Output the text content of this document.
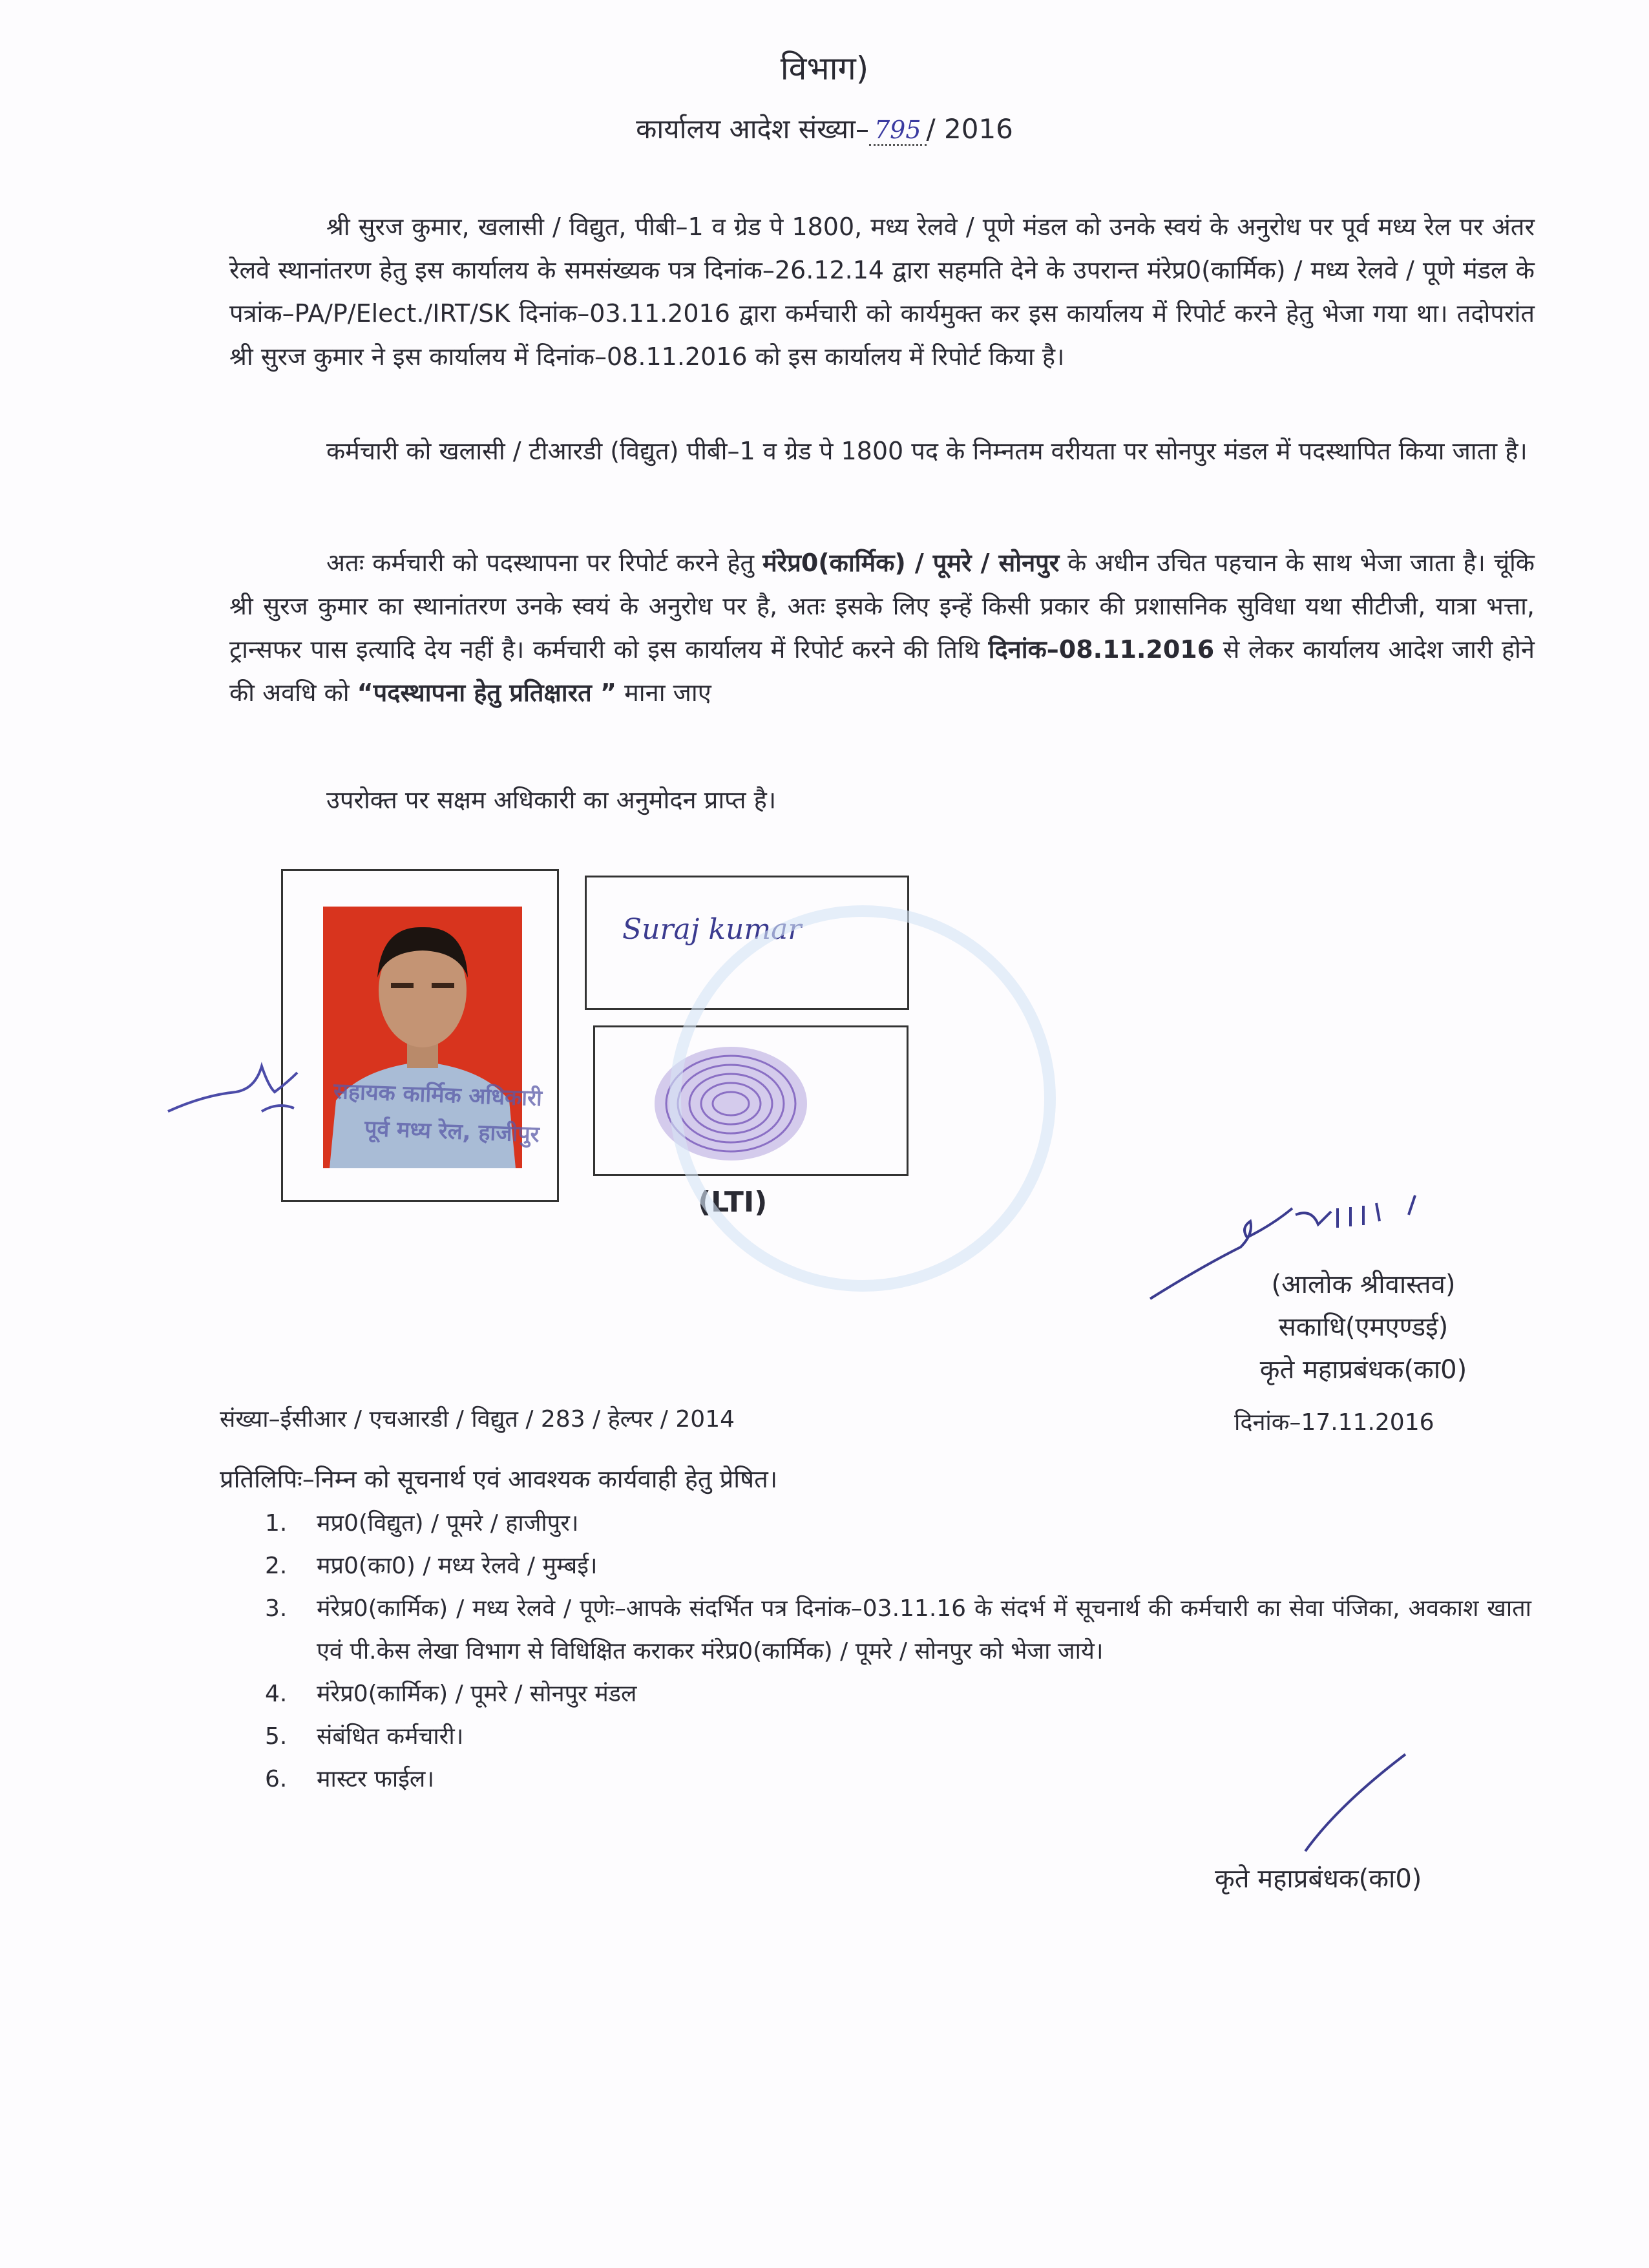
विभाग)
कार्यालय आदेश संख्या– 795 / 2016

श्री सुरज कुमार, खलासी / विद्युत, पीबी–1 व ग्रेड पे 1800, मध्य रेलवे / पूणे मंडल को उनके स्वयं के अनुरोध पर पूर्व मध्य रेल पर अंतर रेलवे स्थानांतरण हेतु इस कार्यालय के समसंख्यक पत्र दिनांक–26.12.14 द्वारा सहमति देने के उपरान्त मंरेप्र0(कार्मिक) / मध्य रेलवे / पूणे मंडल के पत्रांक–PA/P/Elect./IRT/SK दिनांक–03.11.2016 द्वारा कर्मचारी को कार्यमुक्त कर इस कार्यालय में रिपोर्ट करने हेतु भेजा गया था। तदोपरांत श्री सुरज कुमार ने इस कार्यालय में दिनांक–08.11.2016 को इस कार्यालय में रिपोर्ट किया है।

कर्मचारी को खलासी / टीआरडी (विद्युत) पीबी–1 व ग्रेड पे 1800 पद के निम्नतम वरीयता पर सोनपुर मंडल में पदस्थापित किया जाता है।

अतः कर्मचारी को पदस्थापना पर रिपोर्ट करने हेतु मंरेप्र0(कार्मिक) / पूमरे / सोनपुर के अधीन उचित पहचान के साथ भेजा जाता है। चूंकि श्री सुरज कुमार का स्थानांतरण उनके स्वयं के अनुरोध पर है, अतः इसके लिए इन्हें किसी प्रकार की प्रशासनिक सुविधा यथा सीटीजी, यात्रा भत्ता, ट्रान्सफर पास इत्यादि देय नहीं है। कर्मचारी को इस कार्यालय में रिपोर्ट करने की तिथि दिनांक–08.11.2016 से लेकर कार्यालय आदेश जारी होने की अवधि को “पदस्थापना हेतु प्रतिक्षारत ” माना जाए

उपरोक्त पर सक्षम अधिकारी का अनुमोदन प्राप्त है।

Suraj kumar
(LTI)
सहायक कार्मिक अधिकारी
पूर्व मध्य रेल, हाजीपुर
(आलोक श्रीवास्तव)
सकाधि(एमएण्डई)
कृते महाप्रबंधक(का0)
संख्या–ईसीआर / एचआरडी / विद्युत / 283 / हेल्पर / 2014	दिनांक–17.11.2016
प्रतिलिपिः–निम्न को सूचनार्थ एवं आवश्यक कार्यवाही हेतु प्रेषित।
1.	मप्र0(विद्युत) / पूमरे / हाजीपुर।
2.	मप्र0(का0) / मध्य रेलवे / मुम्बई।
3.	मंरेप्र0(कार्मिक) / मध्य रेलवे / पूणेः–आपके संदर्भित पत्र दिनांक–03.11.16 के संदर्भ में सूचनार्थ की कर्मचारी का सेवा पंजिका, अवकाश खाता एवं पी.केस लेखा विभाग से विधिक्षित कराकर मंरेप्र0(कार्मिक) / पूमरे / सोनपुर को भेजा जाये।
4.	मंरेप्र0(कार्मिक) / पूमरे / सोनपुर मंडल
5.	संबंधित कर्मचारी।
6.	मास्टर फाईल।
कृते महाप्रबंधक(का0)
